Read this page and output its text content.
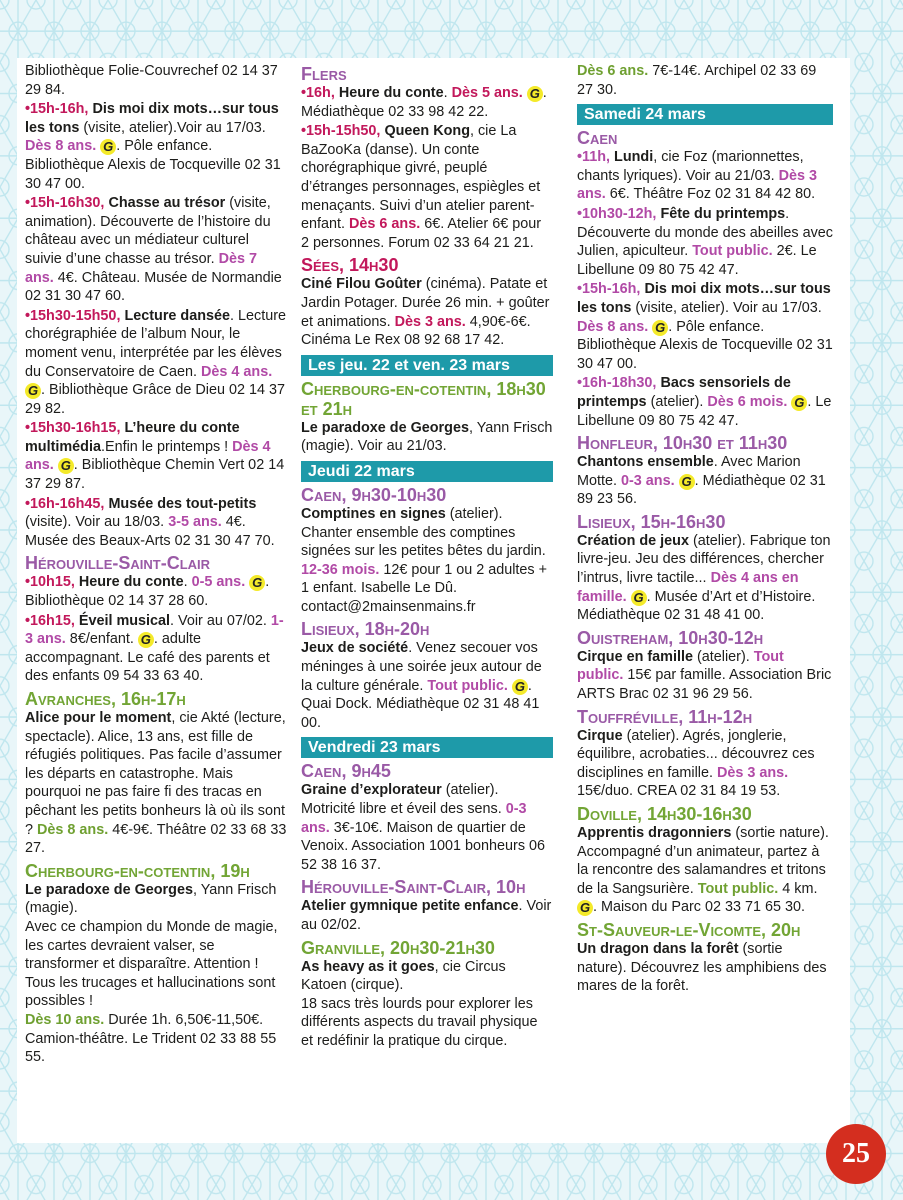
Bibliothèque Folie-Couvrechef 02 14 37 29 84.
•15h-16h, Dis moi dix mots…sur tous les tons (visite, atelier).Voir au 17/03. Dès 8 ans. G . Pôle enfance. Bibliothèque Alexis de Tocqueville 02 31 30 47 00.
•15h-16h30, Chasse au trésor (visite, animation). Découverte de l’histoire du château avec un médiateur culturel suivie d’une chasse au trésor. Dès 7 ans. 4€. Château. Musée de Normandie 02 31 30 47 60.
•15h30-15h50, Lecture dansée. Lecture chorégraphiée de l’album Nour, le moment venu, interprétée par les élèves du Conservatoire de Caen. Dès 4 ans. G . Bibliothèque Grâce de Dieu 02 14 37 29 82.
•15h30-16h15, L’heure du conte multimédia.Enfin le printemps ! Dès 4 ans. G . Bibliothèque Chemin Vert 02 14 37 29 87.
•16h-16h45, Musée des tout-petits (visite). Voir au 18/03. 3-5 ans. 4€. Musée des Beaux-Arts 02 31 30 47 70.
Hérouville-Saint-Clair
•10h15, Heure du conte. 0-5 ans. G . Bibliothèque 02 14 37 28 60.
•16h15, Éveil musical. Voir au 07/02. 1-3 ans. 8€/enfant. G . adulte accompagnant. Le café des parents et des enfants 09 54 33 63 40.
Avranches, 16h-17h
Alice pour le moment, cie Akté (lecture, spectacle). Alice, 13 ans, est fille de réfugiés politiques. Pas facile d’assumer les départs en catastrophe. Mais pourquoi ne pas faire fi des tracas en pêchant les petits bonheurs là où ils sont ? Dès 8 ans. 4€-9€. Théâtre 02 33 68 33 27.
Cherbourg-en-cotentin, 19h
Le paradoxe de Georges, Yann Frisch (magie).
Avec ce champion du Monde de magie, les cartes devraient valser, se transformer et disparaître. Attention ! Tous les trucages et hallucinations sont possibles !
Dès 10 ans. Durée 1h. 6,50€-11,50€. Camion-théâtre. Le Trident 02 33 88 55 55.
Flers
•16h, Heure du conte. Dès 5 ans. G . Médiathèque 02 33 98 42 22.
•15h-15h50, Queen Kong, cie La BaZooKa (danse). Un conte chorégraphique givré, peuplé d’étranges personnages, espiègles et menaçants. Suivi d’un atelier parent-enfant. Dès 6 ans. 6€. Atelier 6€ pour 2 personnes. Forum 02 33 64 21 21.
Sées, 14h30
Ciné Filou Goûter (cinéma). Patate et Jardin Potager. Durée 26 min. + goûter et animations. Dès 3 ans. 4,90€-6€. Cinéma Le Rex 08 92 68 17 42.
Les jeu. 22 et ven. 23 mars
Cherbourg-en-cotentin, 18h30 et 21h
Le paradoxe de Georges, Yann Frisch (magie). Voir au 21/03.
Jeudi 22 mars
Caen, 9h30-10h30
Comptines en signes (atelier). Chanter ensemble des comptines signées sur les petites bêtes du jardin. 12-36 mois. 12€ pour 1 ou 2 adultes + 1 enfant. Isabelle Le Dû. contact@2mainsenmains.fr
Lisieux, 18h-20h
Jeux de société. Venez secouer vos méninges à une soirée jeux autour de la culture générale. Tout public. G . Quai Dock. Médiathèque 02 31 48 41 00.
Vendredi 23 mars
Caen, 9h45
Graine d’explorateur (atelier). Motricité libre et éveil des sens. 0-3 ans. 3€-10€. Maison de quartier de Venoix. Association 1001 bonheurs 06 52 38 16 37.
Hérouville-Saint-Clair, 10h
Atelier gymnique petite enfance. Voir au 02/02.
Granville, 20h30-21h30
As heavy as it goes, cie Circus Katoen (cirque).
18 sacs très lourds pour explorer les différents aspects du travail physique et redéfinir la pratique du cirque.
Dès 6 ans. 7€-14€. Archipel 02 33 69 27 30.
Samedi 24 mars
Caen
•11h, Lundi, cie Foz (marionnettes, chants lyriques). Voir au 21/03. Dès 3 ans. 6€. Théâtre Foz 02 31 84 42 80.
•10h30-12h, Fête du printemps. Découverte du monde des abeilles avec Julien, apiculteur. Tout public. 2€. Le Libellune 09 80 75 42 47.
•15h-16h, Dis moi dix mots…sur tous les tons (visite, atelier). Voir au 17/03. Dès 8 ans. G . Pôle enfance. Bibliothèque Alexis de Tocqueville 02 31 30 47 00.
•16h-18h30, Bacs sensoriels de printemps (atelier). Dès 6 mois. G . Le Libellune 09 80 75 42 47.
Honfleur, 10h30 et 11h30
Chantons ensemble. Avec Marion Motte. 0-3 ans. G . Médiathèque 02 31 89 23 56.
Lisieux, 15h-16h30
Création de jeux (atelier). Fabrique ton livre-jeu. Jeu des différences, chercher l’intrus, livre tactile... Dès 4 ans en famille. G . Musée d’Art et d’Histoire. Médiathèque 02 31 48 41 00.
Ouistreham, 10h30-12h
Cirque en famille (atelier). Tout public. 15€ par famille. Association Bric ARTS Brac 02 31 96 29 56.
Touffréville, 11h-12h
Cirque (atelier). Agrés, jonglerie, équilibre, acrobaties... découvrez ces disciplines en famille. Dès 3 ans. 15€/duo. CREA 02 31 84 19 53.
Doville, 14h30-16h30
Apprentis dragonniers (sortie nature). Accompagné d’un animateur, partez à la rencontre des salamandres et tritons de la Sangsurière. Tout public. 4 km. G . Maison du Parc 02 33 71 65 30.
St-Sauveur-le-Vicomte, 20h
Un dragon dans la forêt (sortie nature). Découvrez les amphibiens des mares de la forêt.
25
